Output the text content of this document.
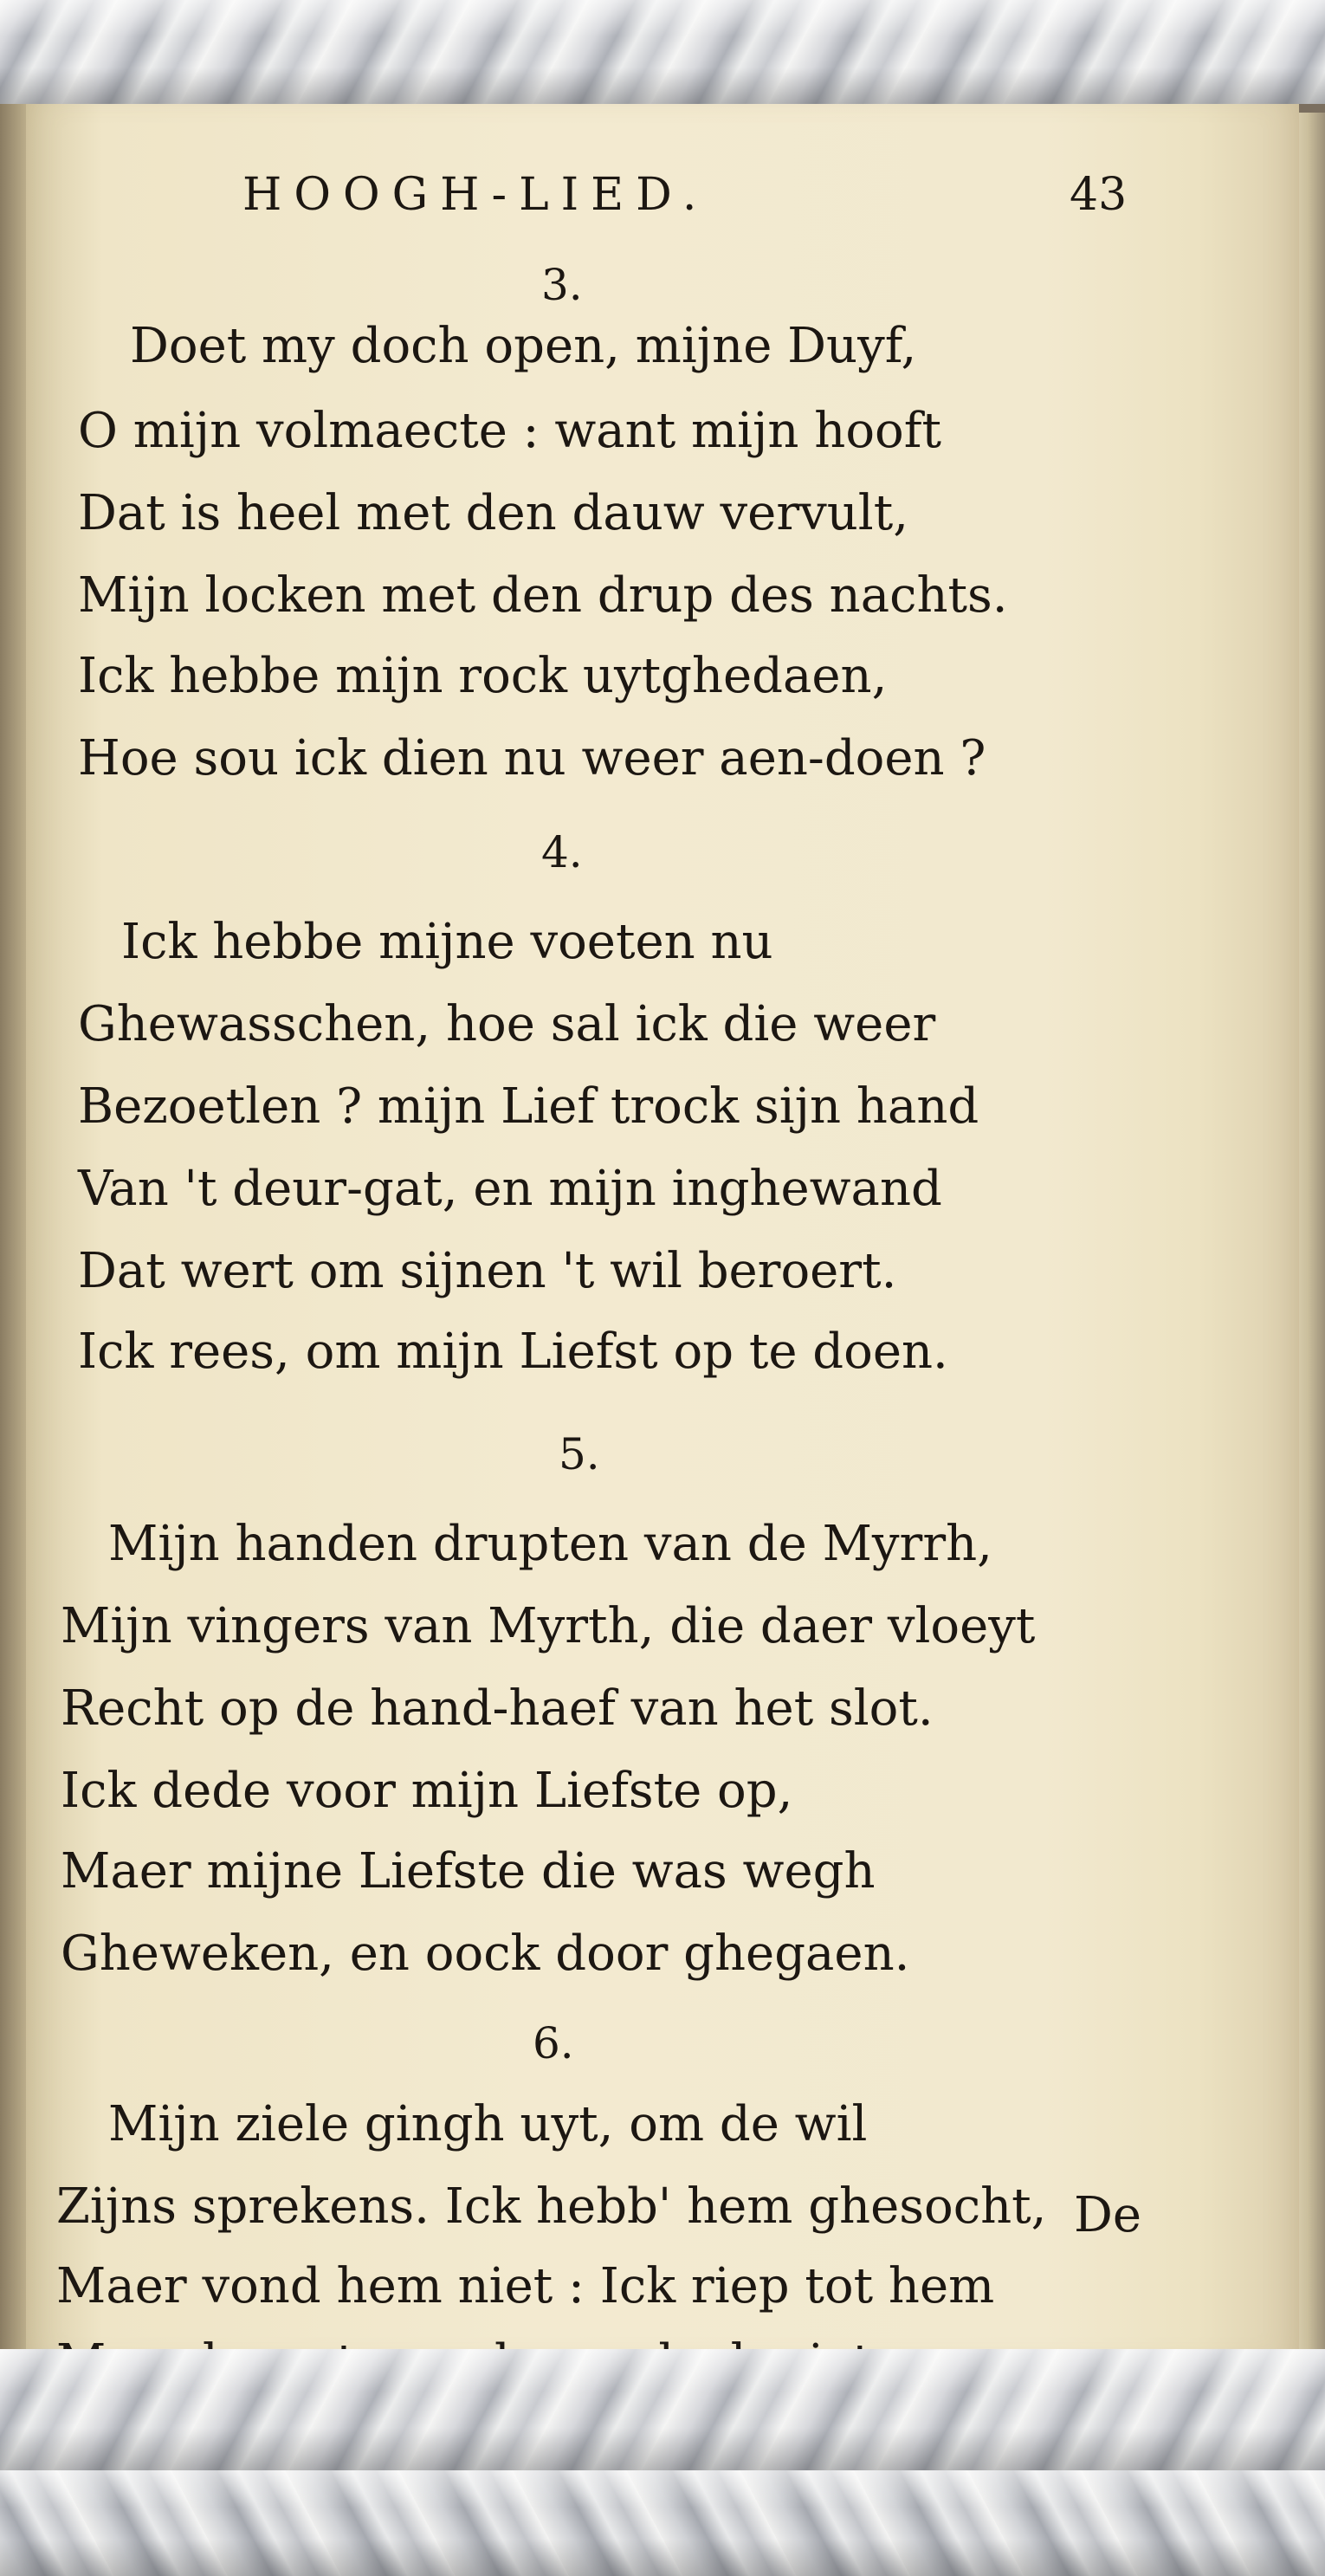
HOOGH-LIED.	43
3.
Doet my doch open, mijne Duyf,
O mijn volmaecte : want mijn hooft
Dat is heel met den dauw vervult,
Mijn locken met den drup des nachts.
Ick hebbe mijn rock uytghedaen,
Hoe sou ick dien nu weer aen-doen ?
4.
Ick hebbe mijne voeten nu
Ghewasschen, hoe sal ick die weer
Bezoetlen ? mijn Lief trock sijn hand
Van 't deur-gat, en mijn inghewand
Dat wert om sijnen 't wil beroert.
Ick rees, om mijn Liefst op te doen.
5.
Mijn handen drupten van de Myrrh,
Mijn vingers van Myrth, die daer vloeyt
Recht op de hand-haef van het slot.
Ick dede voor mijn Liefste op,
Maer mijne Liefste die was wegh
Gheweken, en oock door ghegaen.
6.
Mijn ziele gingh uyt, om de wil
Zijns sprekens. Ick hebb' hem ghesocht,
Maer vond hem niet : Ick riep tot hem
De
